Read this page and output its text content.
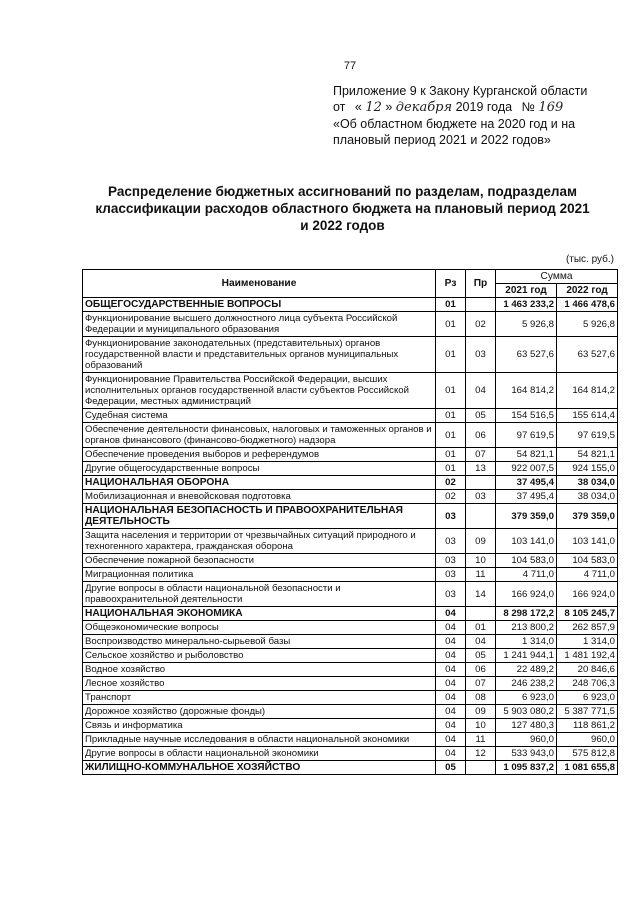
77
Приложение 9 к Закону Курганской области
от « 12 » декабря 2019 года № 169
«Об областном бюджете на 2020 год и на плановый период 2021 и 2022 годов»
Распределение бюджетных ассигнований по разделам, подразделам классификации расходов областного бюджета на плановый период 2021 и 2022 годов
(тыс. руб.)
Наименование	Рз	Пр	Сумма	
			2021 год	2022 год
ОБЩЕГОСУДАРСТВЕННЫЕ ВОПРОСЫ	01		1 463 233,2	1 466 478,6
Функционирование высшего должностного лица субъекта Российской Федерации и муниципального образования	01	02	5 926,8	5 926,8
Функционирование законодательных (представительных) органов государственной власти и представительных органов муниципальных образований	01	03	63 527,6	63 527,6
Функционирование Правительства Российской Федерации, высших исполнительных органов государственной власти субъектов Российской Федерации, местных администраций	01	04	164 814,2	164 814,2
Судебная система	01	05	154 516,5	155 614,4
Обеспечение деятельности финансовых, налоговых и таможенных органов и органов финансового (финансово-бюджетного) надзора	01	06	97 619,5	97 619,5
Обеспечение проведения выборов и референдумов	01	07	54 821,1	54 821,1
Другие общегосударственные вопросы	01	13	922 007,5	924 155,0
НАЦИОНАЛЬНАЯ ОБОРОНА	02		37 495,4	38 034,0
Мобилизационная и вневойсковая подготовка	02	03	37 495,4	38 034,0
НАЦИОНАЛЬНАЯ БЕЗОПАСНОСТЬ И ПРАВООХРАНИТЕЛЬНАЯ ДЕЯТЕЛЬНОСТЬ	03		379 359,0	379 359,0
Защита населения и территории от чрезвычайных ситуаций природного и техногенного характера, гражданская оборона	03	09	103 141,0	103 141,0
Обеспечение пожарной безопасности	03	10	104 583,0	104 583,0
Миграционная политика	03	11	4 711,0	4 711,0
Другие вопросы в области национальной безопасности и правоохранительной деятельности	03	14	166 924,0	166 924,0
НАЦИОНАЛЬНАЯ ЭКОНОМИКА	04		8 298 172,2	8 105 245,7
Общеэкономические вопросы	04	01	213 800,2	262 857,9
Воспроизводство минерально-сырьевой базы	04	04	1 314,0	1 314,0
Сельское хозяйство и рыболовство	04	05	1 241 944,1	1 481 192,4
Водное хозяйство	04	06	22 489,2	20 846,6
Лесное хозяйство	04	07	246 238,2	248 706,3
Транспорт	04	08	6 923,0	6 923,0
Дорожное хозяйство (дорожные фонды)	04	09	5 903 080,2	5 387 771,5
Связь и информатика	04	10	127 480,3	118 861,2
Прикладные научные исследования в области национальной экономики	04	11	960,0	960,0
Другие вопросы в области национальной экономики	04	12	533 943,0	575 812,8
ЖИЛИЩНО-КОММУНАЛЬНОЕ ХОЗЯЙСТВО	05		1 095 837,2	1 081 655,8
